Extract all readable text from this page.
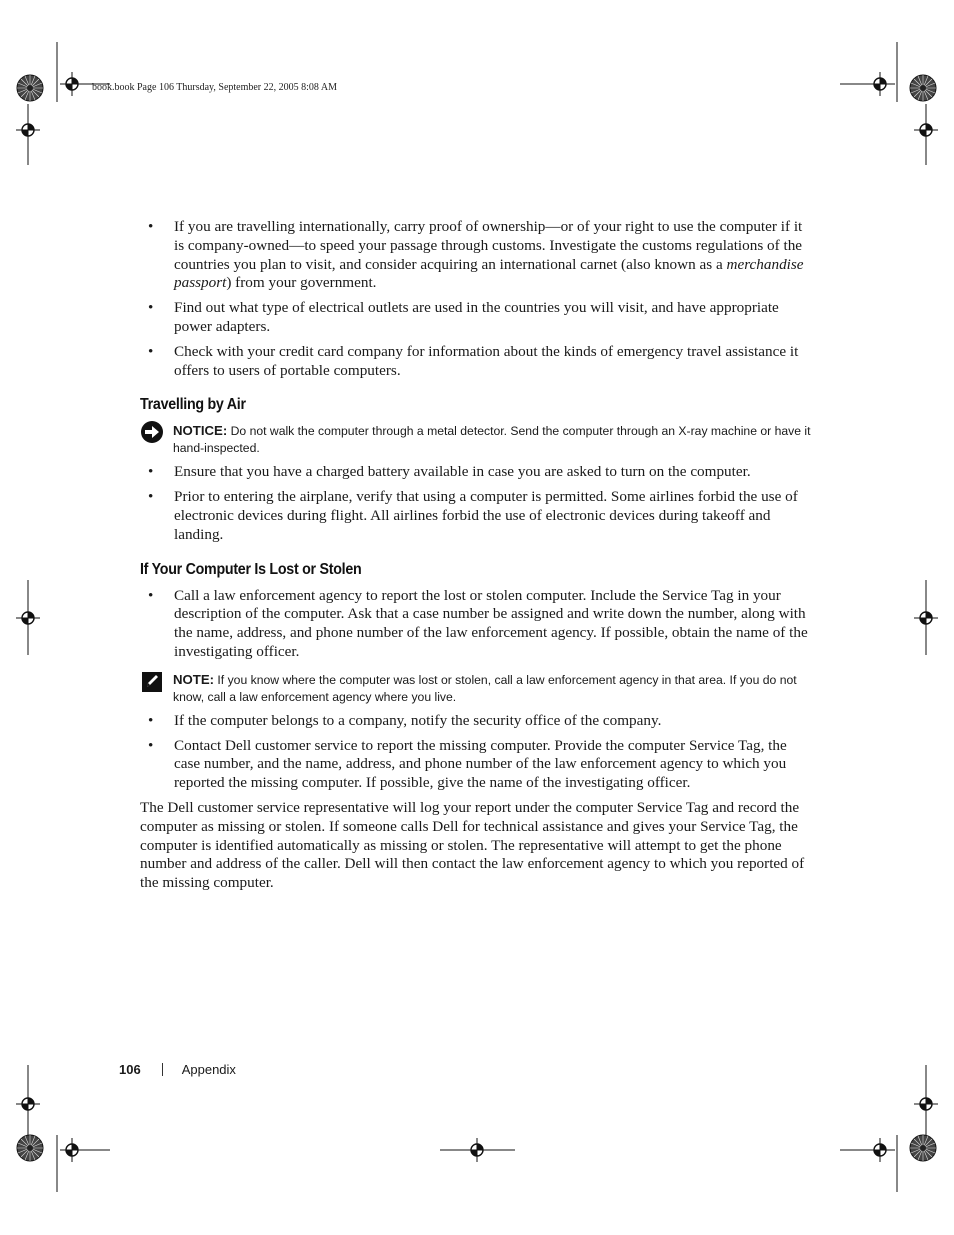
book.book Page 106 Thursday, September 22, 2005 8:08 AM
• If you are travelling internationally, carry proof of ownership—or of your right to use the computer if it is company-owned—to speed your passage through customs. Investigate the customs regulations of the countries you plan to visit, and consider acquiring an international carnet (also known as a merchandise passport) from your government.
• Find out what type of electrical outlets are used in the countries you will visit, and have appropriate power adapters.
• Check with your credit card company for information about the kinds of emergency travel assistance it offers to users of portable computers.
Travelling by Air
NOTICE: Do not walk the computer through a metal detector. Send the computer through an X-ray machine or have it hand-inspected.
• Ensure that you have a charged battery available in case you are asked to turn on the computer.
• Prior to entering the airplane, verify that using a computer is permitted. Some airlines forbid the use of electronic devices during flight. All airlines forbid the use of electronic devices during takeoff and landing.
If Your Computer Is Lost or Stolen
• Call a law enforcement agency to report the lost or stolen computer. Include the Service Tag in your description of the computer. Ask that a case number be assigned and write down the number, along with the name, address, and phone number of the law enforcement agency. If possible, obtain the name of the investigating officer.
NOTE: If you know where the computer was lost or stolen, call a law enforcement agency in that area. If you do not know, call a law enforcement agency where you live.
• If the computer belongs to a company, notify the security office of the company.
• Contact Dell customer service to report the missing computer. Provide the computer Service Tag, the case number, and the name, address, and phone number of the law enforcement agency to which you reported the missing computer. If possible, give the name of the investigating officer.

The Dell customer service representative will log your report under the computer Service Tag and record the computer as missing or stolen. If someone calls Dell for technical assistance and gives your Service Tag, the computer is identified automatically as missing or stolen. The representative will attempt to get the phone number and address of the caller. Dell will then contact the law enforcement agency to which you reported of the missing computer.

106	Appendix
